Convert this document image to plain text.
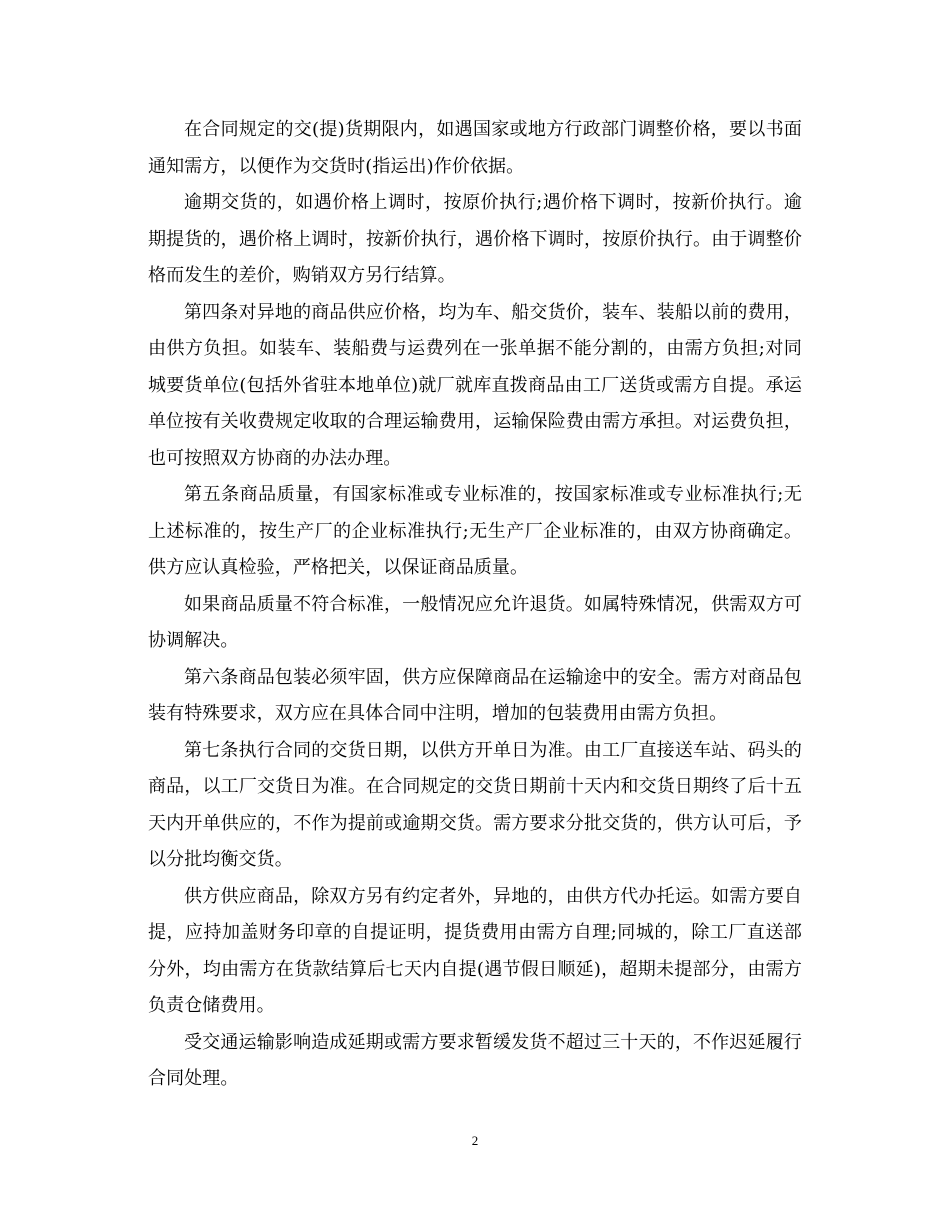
在合同规定的交(提)货期限内，如遇国家或地方行政部门调整价格，要以书面通知需方，以便作为交货时(指运出)作价依据。

逾期交货的，如遇价格上调时，按原价执行;遇价格下调时，按新价执行。逾期提货的，遇价格上调时，按新价执行，遇价格下调时，按原价执行。由于调整价格而发生的差价，购销双方另行结算。

第四条对异地的商品供应价格，均为车、船交货价，装车、装船以前的费用，由供方负担。如装车、装船费与运费列在一张单据不能分割的，由需方负担;对同城要货单位(包括外省驻本地单位)就厂就库直拨商品由工厂送货或需方自提。承运单位按有关收费规定收取的合理运输费用，运输保险费由需方承担。对运费负担，也可按照双方协商的办法办理。

第五条商品质量，有国家标准或专业标准的，按国家标准或专业标准执行;无上述标准的，按生产厂的企业标准执行;无生产厂企业标准的，由双方协商确定。供方应认真检验，严格把关，以保证商品质量。

如果商品质量不符合标准，一般情况应允许退货。如属特殊情况，供需双方可协调解决。

第六条商品包装必须牢固，供方应保障商品在运输途中的安全。需方对商品包装有特殊要求，双方应在具体合同中注明，增加的包装费用由需方负担。

第七条执行合同的交货日期，以供方开单日为准。由工厂直接送车站、码头的商品，以工厂交货日为准。在合同规定的交货日期前十天内和交货日期终了后十五天内开单供应的，不作为提前或逾期交货。需方要求分批交货的，供方认可后，予以分批均衡交货。

供方供应商品，除双方另有约定者外，异地的，由供方代办托运。如需方要自提，应持加盖财务印章的自提证明，提货费用由需方自理;同城的，除工厂直送部分外，均由需方在货款结算后七天内自提(遇节假日顺延)，超期未提部分，由需方负责仓储费用。

受交通运输影响造成延期或需方要求暂缓发货不超过三十天的，不作迟延履行合同处理。

2
